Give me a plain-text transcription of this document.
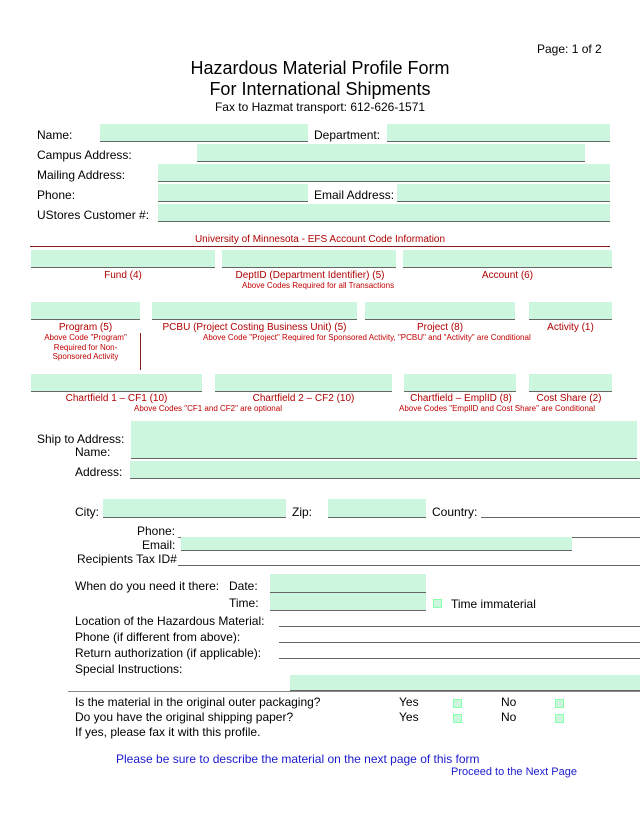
Page: 1 of 2
Hazardous Material Profile Form
For International Shipments
Fax to Hazmat transport: 612-626-1571
Name:	Department:
Campus Address:
Mailing Address:
Phone:	Email Address:
UStores Customer #:
University of Minnesota - EFS Account Code Information
Fund (4)	DeptID (Department Identifier) (5)	Account (6)
Above Codes Required for all Transactions
Program (5)	PCBU (Project Costing Business Unit) (5)	Project (8)	Activity (1)
Above Code "Program"
Required for Non-
Sponsored Activity
Above Code "Project" Required for Sponsored Activity, "PCBU" and "Activity" are Conditional
Chartfield 1 – CF1 (10)	Chartfield 2 – CF2 (10)	Chartfield – EmplID (8)	Cost Share (2)
Above Codes "CF1 and CF2" are optional	Above Codes "EmplID and Cost Share" are Conditional
Ship to Address:
Name:
Address:
City:	Zip:	Country:
Phone:
Email:
Recipients Tax ID#
When do you need it there: Date:
Time:	Time immaterial
Location of the Hazardous Material:
Phone (if different from above):
Return authorization (if applicable):
Special Instructions:
Is the material in the original outer packaging?	Yes	No
Do you have the original shipping paper?	Yes	No
If yes, please fax it with this profile.
Please be sure to describe the material on the next page of this form
Proceed to the Next Page
